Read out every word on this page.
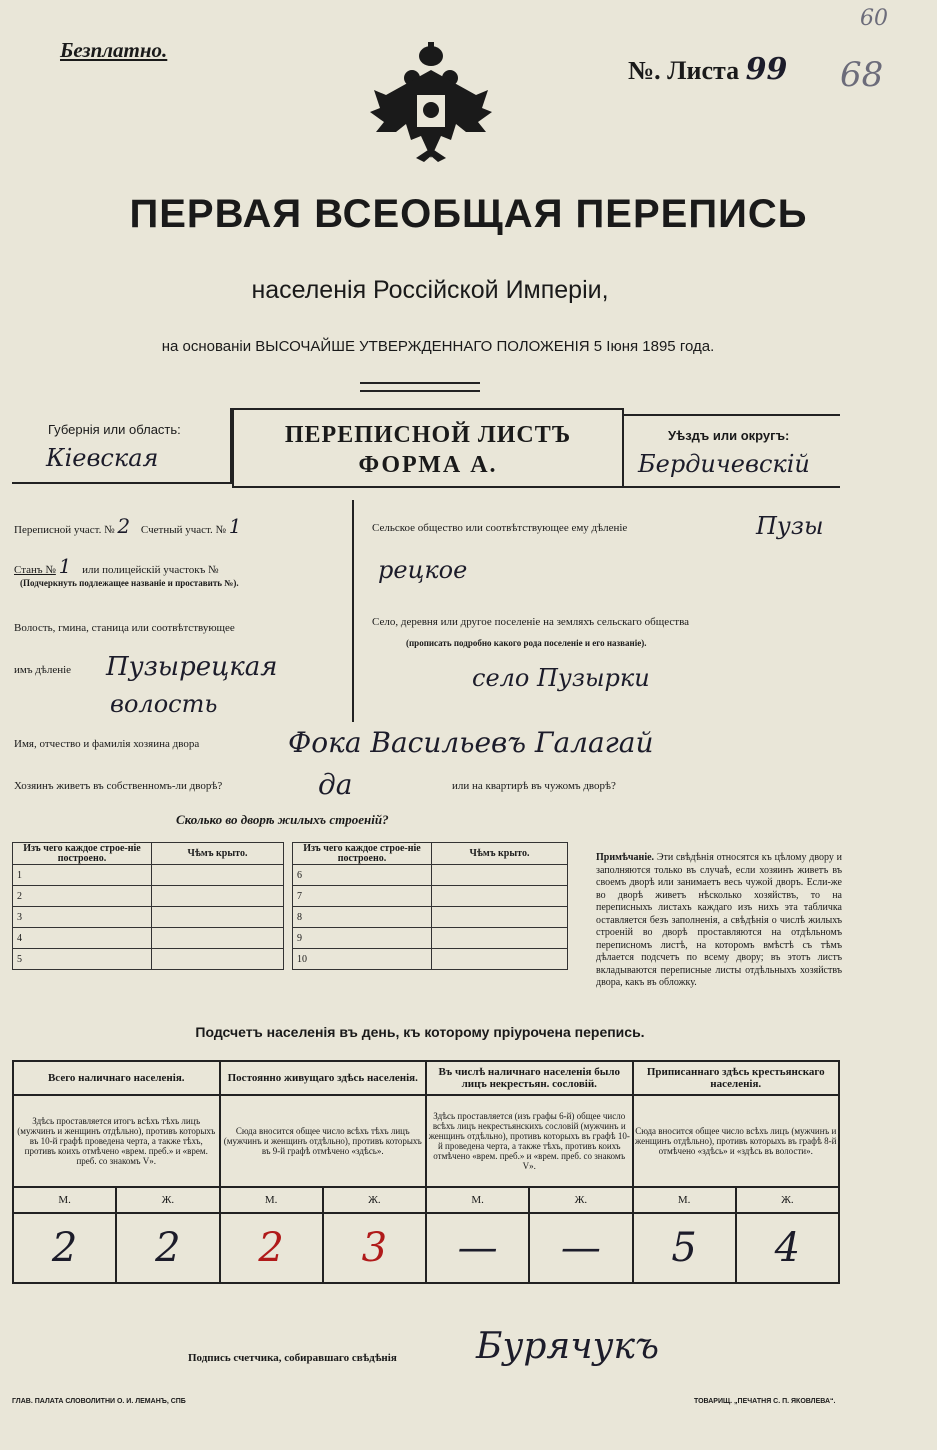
Безплатно.
№. Листа 99 68
60
ПЕРВАЯ ВСЕОБЩАЯ ПЕРЕПИСЬ
населенія Россійской Имперіи,
на основаніи ВЫСОЧАЙШЕ УТВЕРЖДЕННАГО ПОЛОЖЕНІЯ 5 Іюня 1895 года.
Губернія или область:
Кіевская
ПЕРЕПИСНОЙ ЛИСТЪ
ФОРМА А.
Уѣздъ или округъ:
Бердичевскій
Переписной участ. № 2 Счетный участ. № 1
Станъ № 1 или полицейскій участокъ №
(Подчеркнуть подлежащее названіе и проставить №).
Волость, гмина, станица или соотвѣтствующее
имъ дѣленіе Пузырецкая
волость
Сельское общество или соотвѣтствующее ему дѣленіе	Пузы
рецкое
Село, деревня или другое поселеніе на земляхъ сельскаго общества
(прописать подробно какого рода поселеніе и его названіе).
село Пузырки
Имя, отчество и фамилія хозяина двора	Фока Васильевъ Галагай
Хозяинъ живетъ въ собственномъ-ли дворѣ?	да	или на квартирѣ въ чужомъ дворѣ?
Сколько во дворѣ жилыхъ строеній?
Изъ чего каждое строе-ніе построено.	Чѣмъ крыто.
1	
2	
3	
4	
5	
Изъ чего каждое строе-ніе построено.	Чѣмъ крыто.
6	
7	
8	
9	
10	
Примѣчаніе. Эти свѣдѣнія относятся къ цѣлому двору и заполняются только въ случаѣ, если хозяинъ живетъ въ своемъ дворѣ или занимаетъ весь чужой дворъ. Если-же во дворѣ живетъ нѣсколько хозяйствъ, то на переписныхъ листахъ каждаго изъ нихъ эта табличка оставляется безъ заполненія, а свѣдѣнія о числѣ жилыхъ строеній во дворѣ проставляются на отдѣльномъ переписномъ листѣ, на которомъ вмѣстѣ съ тѣмъ дѣлается подсчетъ по всему двору; въ этотъ листъ вкладываются переписные листы отдѣльныхъ хозяйствъ двора, какъ въ обложку.
Подсчетъ населенія въ день, къ которому пріурочена перепись.
Всего наличнаго населенія.		Постоянно живущаго здѣсь населенія.		Въ числѣ наличнаго населенія было лицъ некрестьян. сословій.		Приписаннаго здѣсь крестьянскаго населенія.	
Здѣсь проставляется итогъ всѣхъ тѣхъ лицъ (мужчинъ и женщинъ отдѣльно), противъ которыхъ въ 10-й графѣ проведена черта, а также тѣхъ, противъ коихъ отмѣчено «врем. преб.» и «врем. преб. со знакомъ V».		Сюда вносится общее число всѣхъ тѣхъ лицъ (мужчинъ и женщинъ отдѣльно), противъ которыхъ въ 9-й графѣ отмѣчено «здѣсь».		Здѣсь проставляется (изъ графы 6-й) общее число всѣхъ лицъ некрестьянскихъ сословій (мужчинъ и женщинъ отдѣльно), противъ которыхъ въ графѣ 10-й проведена черта, а также тѣхъ, противъ коихъ отмѣчено «врем. преб.» и «врем. преб. со знакомъ V».		Сюда вносится общее число всѣхъ лицъ (мужчинъ и женщинъ отдѣльно), противъ которыхъ въ графѣ 8-й отмѣчено «здѣсь» и «здѣсь въ волости».	
М.	Ж.	М.	Ж.	М.	Ж.	М.	Ж.
2	2	2	3	—	—	5	4
Подпись счетчика, собиравшаго свѣдѣнія Бурячукъ
ГЛАВ. ПАЛАТА СЛОВОЛИТНИ О. И. ЛЕМАНЪ, СПБ	ТОВАРИЩ. „ПЕЧАТНЯ С. П. ЯКОВЛЕВА“.
